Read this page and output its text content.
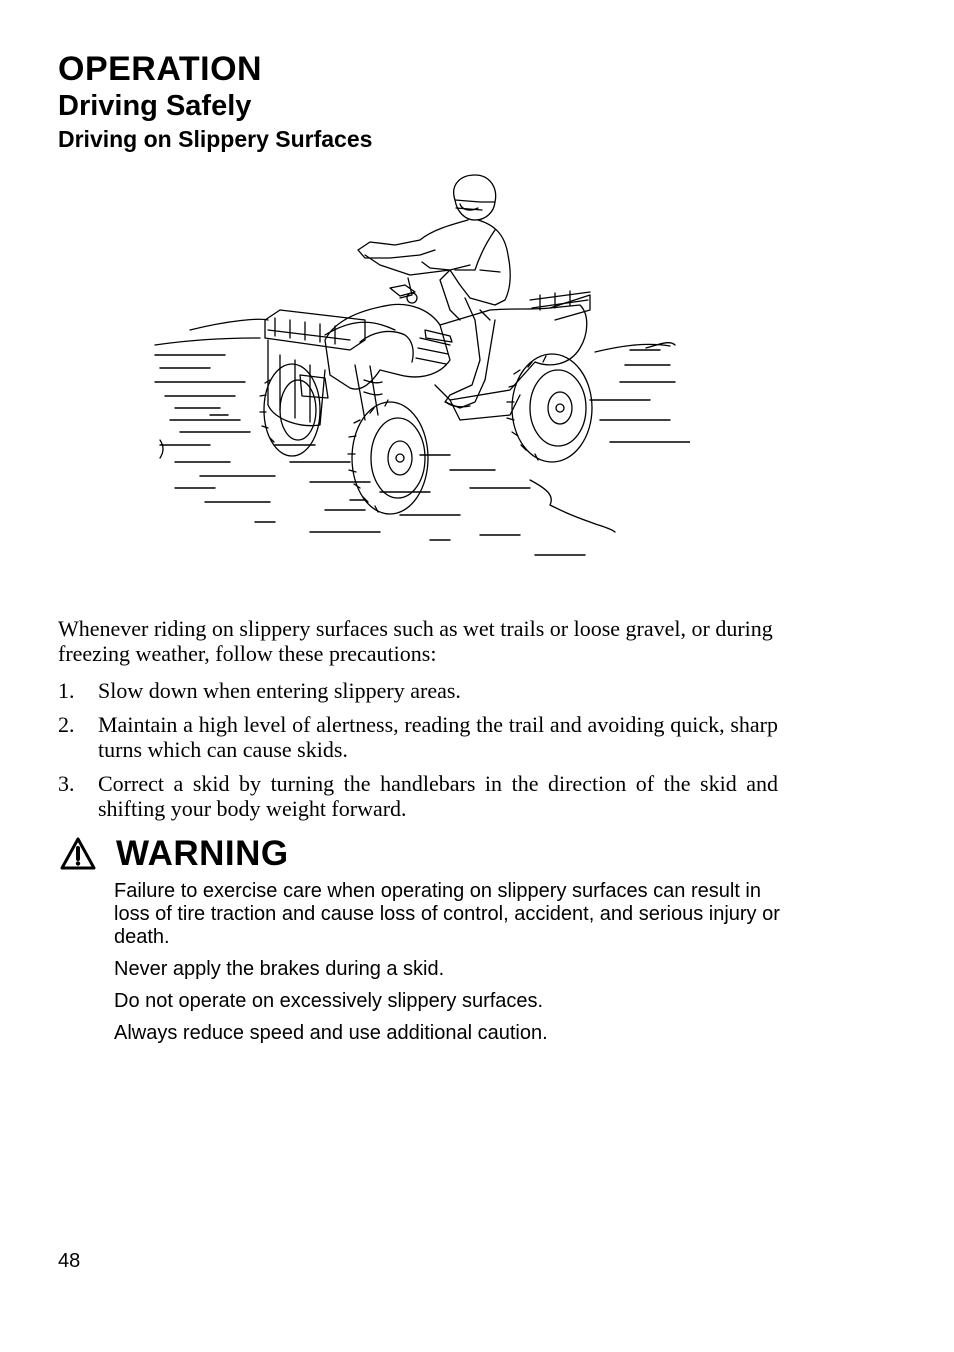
OPERATION
Driving Safely
Driving on Slippery Surfaces

Whenever riding on slippery surfaces such as wet trails or loose gravel, or during freezing weather, follow these precautions:

1. Slow down when entering slippery areas.
2. Maintain a high level of alertness, reading the trail and avoiding quick, sharp turns which can cause skids.
3. Correct a skid by turning the handlebars in the direction of the skid and shifting your body weight forward.
WARNING
Failure to exercise care when operating on slippery surfaces can result in loss of tire traction and cause loss of control, accident, and serious injury or death.
Never apply the brakes during a skid.
Do not operate on excessively slippery surfaces.
Always reduce speed and use additional caution.
48
